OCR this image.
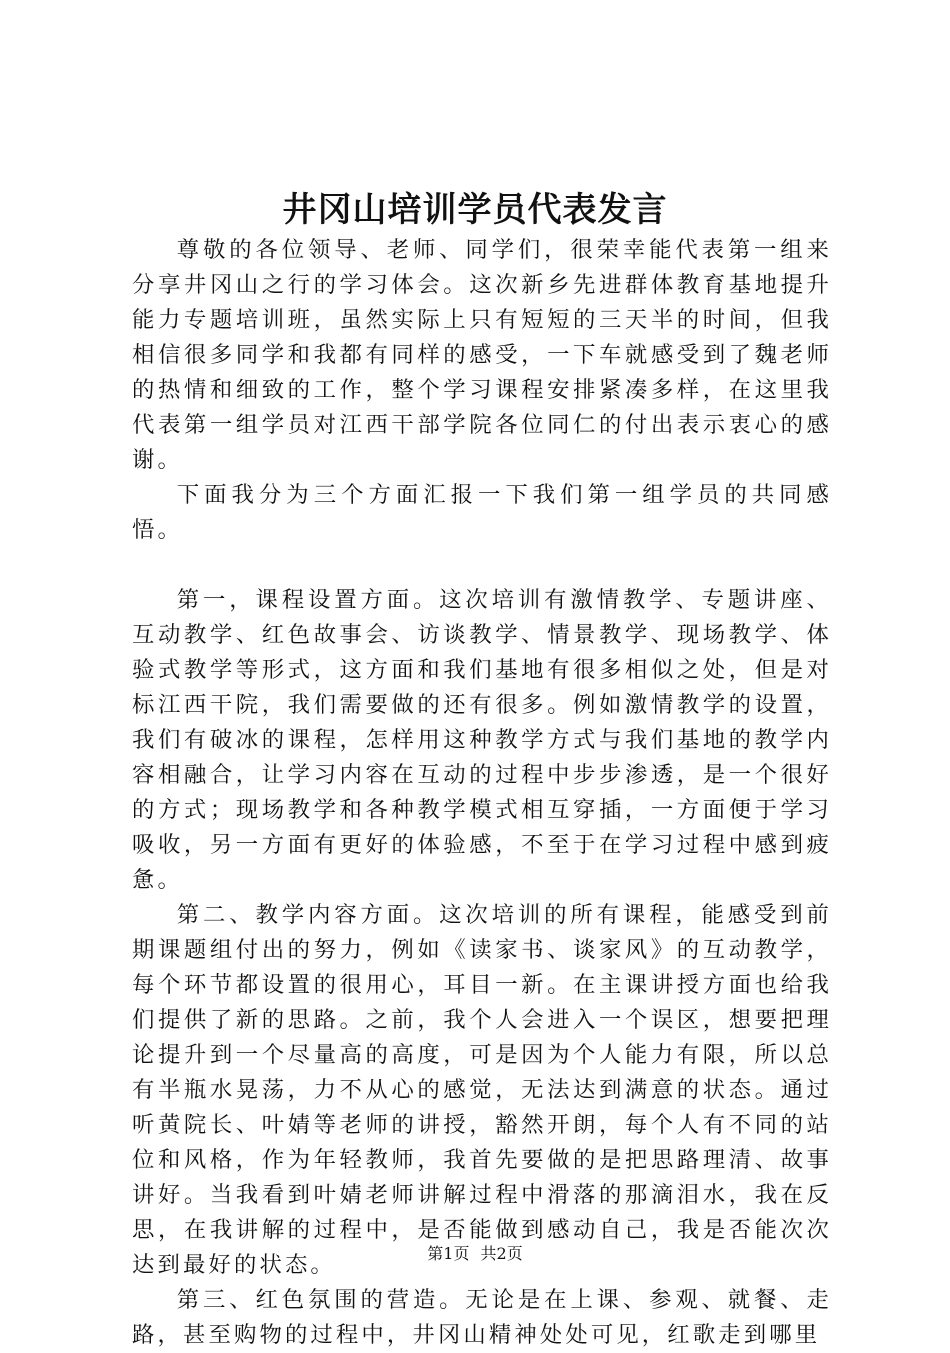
井冈山培训学员代表发言

尊敬的各位领导、老师、同学们，很荣幸能代表第一组来分享井冈山之行的学习体会。这次新乡先进群体教育基地提升能力专题培训班，虽然实际上只有短短的三天半的时间，但我相信很多同学和我都有同样的感受，一下车就感受到了魏老师的热情和细致的工作，整个学习课程安排紧凑多样，在这里我代表第一组学员对江西干部学院各位同仁的付出表示衷心的感谢。

下面我分为三个方面汇报一下我们第一组学员的共同感悟。

第一，课程设置方面。这次培训有激情教学、专题讲座、互动教学、红色故事会、访谈教学、情景教学、现场教学、体验式教学等形式，这方面和我们基地有很多相似之处，但是对标江西干院，我们需要做的还有很多。例如激情教学的设置，我们有破冰的课程，怎样用这种教学方式与我们基地的教学内容相融合，让学习内容在互动的过程中步步渗透，是一个很好的方式；现场教学和各种教学模式相互穿插，一方面便于学习吸收，另一方面有更好的体验感，不至于在学习过程中感到疲惫。

第二、教学内容方面。这次培训的所有课程，能感受到前期课题组付出的努力，例如《读家书、谈家风》的互动教学，每个环节都设置的很用心，耳目一新。在主课讲授方面也给我们提供了新的思路。之前，我个人会进入一个误区，想要把理论提升到一个尽量高的高度，可是因为个人能力有限，所以总有半瓶水晃荡，力不从心的感觉，无法达到满意的状态。通过听黄院长、叶婧等老师的讲授，豁然开朗，每个人有不同的站位和风格，作为年轻教师，我首先要做的是把思路理清、故事讲好。当我看到叶婧老师讲解过程中滑落的那滴泪水，我在反思，在我讲解的过程中，是否能做到感动自己，我是否能次次达到最好的状态。

第三、红色氛围的营造。无论是在上课、参观、就餐、走路，甚至购物的过程中，井冈山精神处处可见，红歌走到哪里

第1页 共2页
